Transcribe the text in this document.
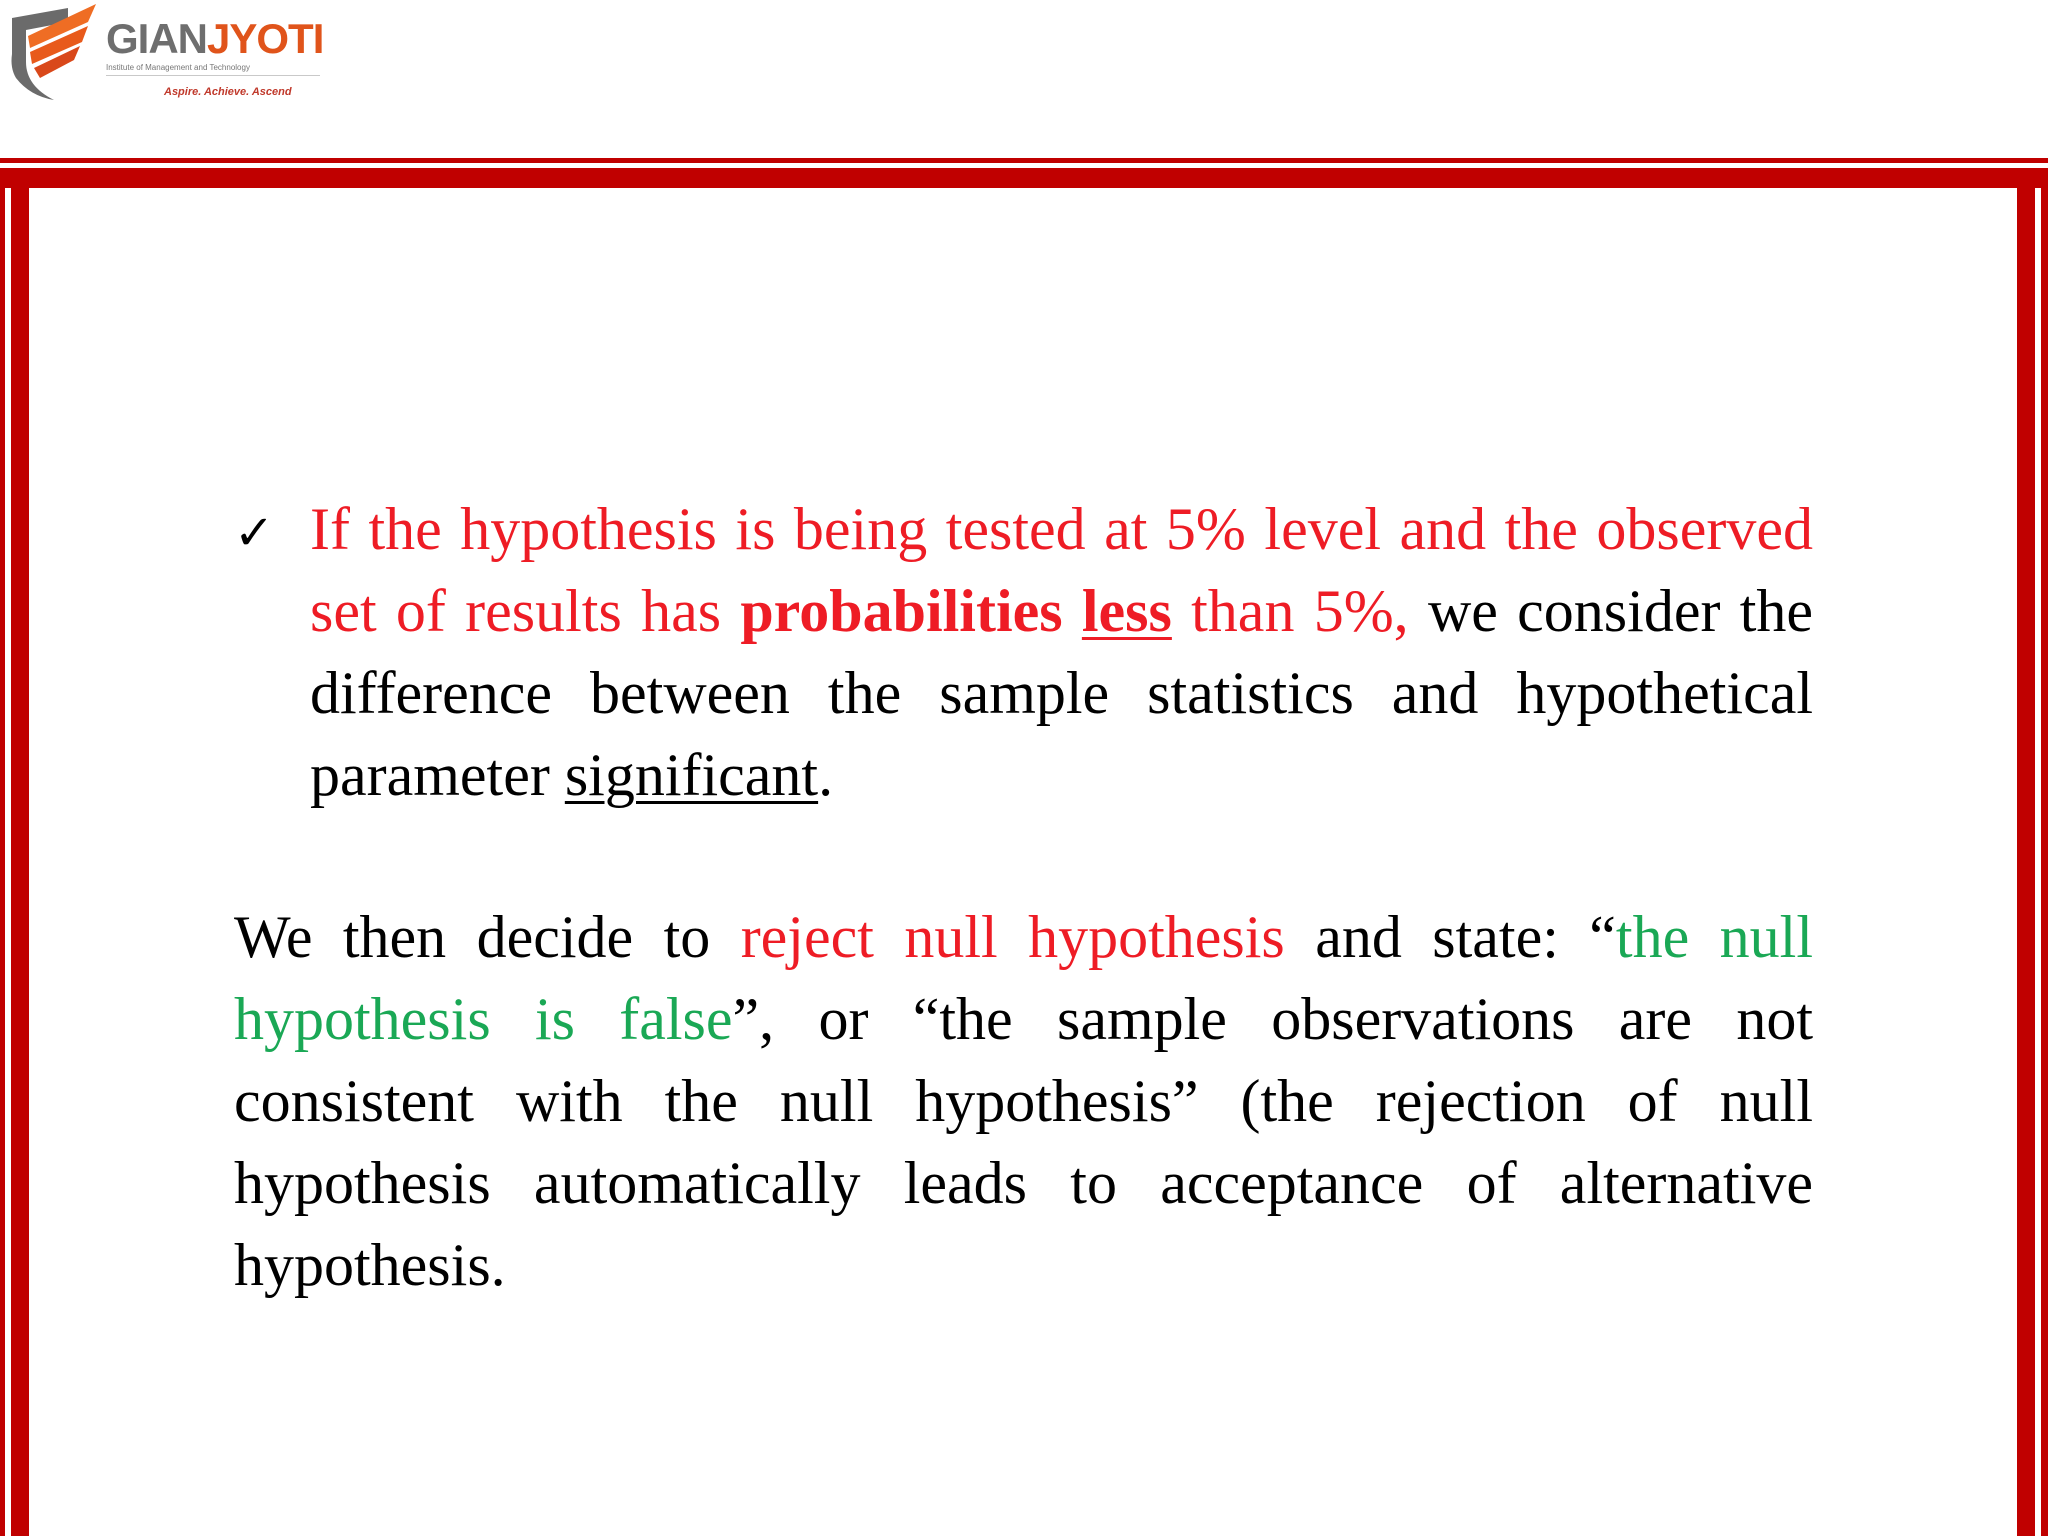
GIANJYOTI
Institute of Management and Technology
Aspire. Achieve. Ascend
✓ If the hypothesis is being tested at 5% level and the observed set of results has probabilities less than 5%, we consider the difference between the sample statistics and hypothetical parameter significant.

We then decide to reject null hypothesis and state: “the null hypothesis is false”, or “the sample observations are not consistent with the null hypothesis” (the rejection of null hypothesis automatically leads to acceptance of alternative hypothesis.
